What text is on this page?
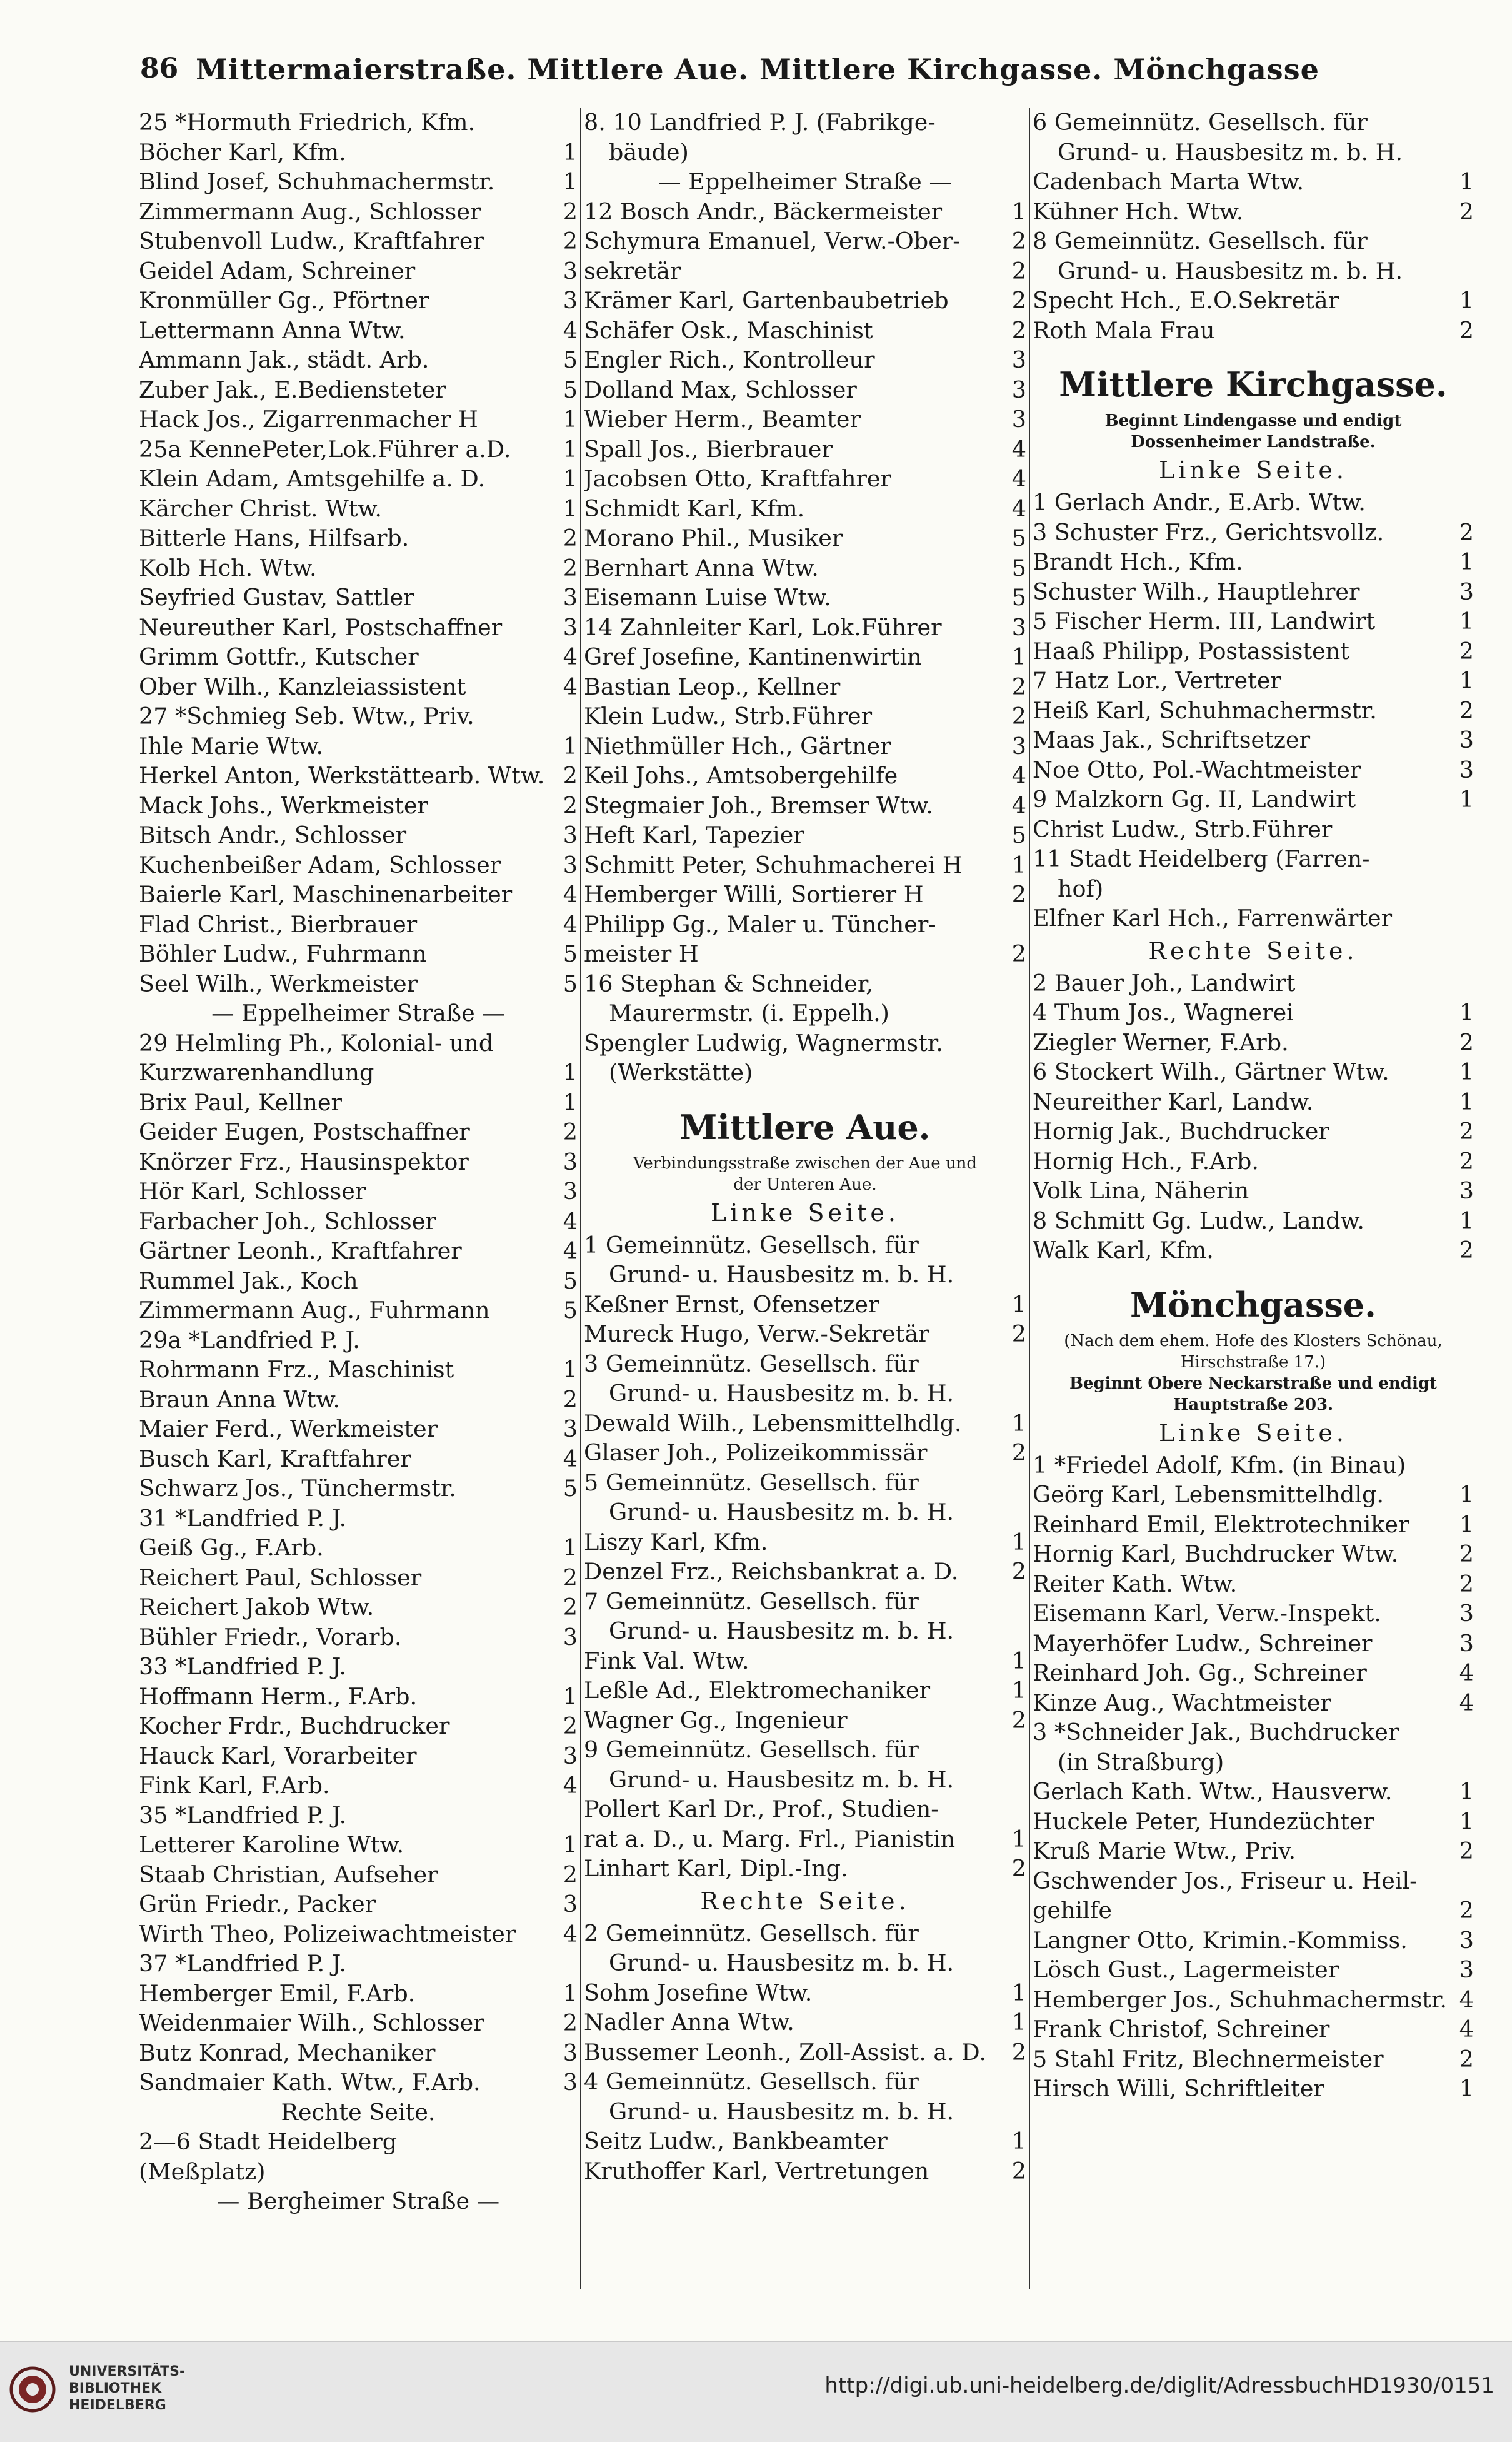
86 Mittermaierstraße. Mittlere Aue. Mittlere Kirchgasse. Mönchgasse
25 *Hormuth Friedrich, Kfm.
Böcher Karl, Kfm.	1
Blind Josef, Schuhmachermstr.	1
Zimmermann Aug., Schlosser	2
Stubenvoll Ludw., Kraftfahrer	2
Geidel Adam, Schreiner	3
Kronmüller Gg., Pförtner	3
Lettermann Anna Wtw.	4
Ammann Jak., städt. Arb.	5
Zuber Jak., E.Bediensteter	5
Hack Jos., Zigarrenmacher H	1
25a KennePeter,Lok.Führer a.D. 1
Klein Adam, Amtsgehilfe a. D.	1
Kärcher Christ. Wtw.	1
Bitterle Hans, Hilfsarb.	2
Kolb Hch. Wtw.	2
Seyfried Gustav, Sattler	3
Neureuther Karl, Postschaffner	3
Grimm Gottfr., Kutscher	4
Ober Wilh., Kanzleiassistent	4
27 *Schmieg Seb. Wtw., Priv.
Ihle Marie Wtw.	1
Herkel Anton, Werkstättearb. Wtw. 2
Mack Johs., Werkmeister	2
Bitsch Andr., Schlosser	3
Kuchenbeißer Adam, Schlosser	3
Baierle Karl, Maschinenarbeiter 4
Flad Christ., Bierbrauer	4
Böhler Ludw., Fuhrmann	5
Seel Wilh., Werkmeister	5
— Eppelheimer Straße —
29 Helmling Ph., Kolonial- und
Kurzwarenhandlung	1
Brix Paul, Kellner	1
Geider Eugen, Postschaffner	2
Knörzer Frz., Hausinspektor	3
Hör Karl, Schlosser	3
Farbacher Joh., Schlosser	4
Gärtner Leonh., Kraftfahrer	4
Rummel Jak., Koch	5
Zimmermann Aug., Fuhrmann	5
29a *Landfried P. J.
Rohrmann Frz., Maschinist	1
Braun Anna Wtw.	2
Maier Ferd., Werkmeister	3
Busch Karl, Kraftfahrer	4
Schwarz Jos., Tünchermstr.	5
31 *Landfried P. J.
Geiß Gg., F.Arb.	1
Reichert Paul, Schlosser	2
Reichert Jakob Wtw.	2
Bühler Friedr., Vorarb.	3
33 *Landfried P. J.
Hoffmann Herm., F.Arb.	1
Kocher Frdr., Buchdrucker	2
Hauck Karl, Vorarbeiter	3
Fink Karl, F.Arb.	4
35 *Landfried P. J.
Letterer Karoline Wtw.	1
Staab Christian, Aufseher	2
Grün Friedr., Packer	3
Wirth Theo, Polizeiwachtmeister 4
37 *Landfried P. J.
Hemberger Emil, F.Arb.	1
Weidenmaier Wilh., Schlosser	2
Butz Konrad, Mechaniker	3
Sandmaier Kath. Wtw., F.Arb.	3
Rechte Seite.
2—6 Stadt Heidelberg
(Meßplatz)
— Bergheimer Straße —
8. 10 Landfried P. J. (Fabrikge-
bäude)
— Eppelheimer Straße —
12 Bosch Andr., Bäckermeister	1
Schymura Emanuel, Verw.-Ober- 2
sekretär	2
Krämer Karl, Gartenbaubetrieb	2
Schäfer Osk., Maschinist	2
Engler Rich., Kontrolleur	3
Dolland Max, Schlosser	3
Wieber Herm., Beamter	3
Spall Jos., Bierbrauer	4
Jacobsen Otto, Kraftfahrer	4
Schmidt Karl, Kfm.	4
Morano Phil., Musiker	5
Bernhart Anna Wtw.	5
Eisemann Luise Wtw.	5
14 Zahnleiter Karl, Lok.Führer	3
Gref Josefine, Kantinenwirtin	1
Bastian Leop., Kellner	2
Klein Ludw., Strb.Führer	2
Niethmüller Hch., Gärtner	3
Keil Johs., Amtsobergehilfe	4
Stegmaier Joh., Bremser Wtw.	4
Heft Karl, Tapezier	5
Schmitt Peter, Schuhmacherei H 1
Hemberger Willi, Sortierer H	2
Philipp Gg., Maler u. Tüncher-
meister H	2
16 Stephan & Schneider,
Maurermstr. (i. Eppelh.)
Spengler Ludwig, Wagnermstr.
(Werkstätte)
Mittlere Aue.
Verbindungsstraße zwischen der Aue und
der Unteren Aue.
Linke Seite.
1 Gemeinnütz. Gesellsch. für
Grund- u. Hausbesitz m. b. H.
Keßner Ernst, Ofensetzer	1
Mureck Hugo, Verw.-Sekretär	2
3 Gemeinnütz. Gesellsch. für
Grund- u. Hausbesitz m. b. H.
Dewald Wilh., Lebensmittelhdlg. 1
Glaser Joh., Polizeikommissär	2
5 Gemeinnütz. Gesellsch. für
Grund- u. Hausbesitz m. b. H.
Liszy Karl, Kfm.	1
Denzel Frz., Reichsbankrat a. D. 2
7 Gemeinnütz. Gesellsch. für
Grund- u. Hausbesitz m. b. H.
Fink Val. Wtw.	1
Leßle Ad., Elektromechaniker	1
Wagner Gg., Ingenieur	2
9 Gemeinnütz. Gesellsch. für
Grund- u. Hausbesitz m. b. H.
Pollert Karl Dr., Prof., Studien-
rat a. D., u. Marg. Frl., Pianistin 1
Linhart Karl, Dipl.-Ing.	2
Rechte Seite.
2 Gemeinnütz. Gesellsch. für
Grund- u. Hausbesitz m. b. H.
Sohm Josefine Wtw.	1
Nadler Anna Wtw.	1
Bussemer Leonh., Zoll-Assist. a. D. 2
4 Gemeinnütz. Gesellsch. für
Grund- u. Hausbesitz m. b. H.
Seitz Ludw., Bankbeamter	1
Kruthoffer Karl, Vertretungen	2
6 Gemeinnütz. Gesellsch. für
Grund- u. Hausbesitz m. b. H.
Cadenbach Marta Wtw.	1
Kühner Hch. Wtw.	2
8 Gemeinnütz. Gesellsch. für
Grund- u. Hausbesitz m. b. H.
Specht Hch., E.O.Sekretär	1
Roth Mala Frau	2
Mittlere Kirchgasse.
Beginnt Lindengasse und endigt
Dossenheimer Landstraße.
Linke Seite.
1 Gerlach Andr., E.Arb. Wtw.
3 Schuster Frz., Gerichtsvollz.	2
Brandt Hch., Kfm.	1
Schuster Wilh., Hauptlehrer	3
5 Fischer Herm. III, Landwirt	1
Haaß Philipp, Postassistent	2
7 Hatz Lor., Vertreter	1
Heiß Karl, Schuhmachermstr.	2
Maas Jak., Schriftsetzer	3
Noe Otto, Pol.-Wachtmeister	3
9 Malzkorn Gg. II, Landwirt	1
Christ Ludw., Strb.Führer
11 Stadt Heidelberg (Farren-
hof)
Elfner Karl Hch., Farrenwärter
Rechte Seite.
2 Bauer Joh., Landwirt
4 Thum Jos., Wagnerei	1
Ziegler Werner, F.Arb.	2
6 Stockert Wilh., Gärtner Wtw.	1
Neureither Karl, Landw.	1
Hornig Jak., Buchdrucker	2
Hornig Hch., F.Arb.	2
Volk Lina, Näherin	3
8 Schmitt Gg. Ludw., Landw.	1
Walk Karl, Kfm.	2
Mönchgasse.
(Nach dem ehem. Hofe des Klosters Schönau,
Hirschstraße 17.)
Beginnt Obere Neckarstraße und endigt
Hauptstraße 203.
Linke Seite.
1 *Friedel Adolf, Kfm. (in Binau)
Geörg Karl, Lebensmittelhdlg.	1
Reinhard Emil, Elektrotechniker 1
Hornig Karl, Buchdrucker Wtw.	2
Reiter Kath. Wtw.	2
Eisemann Karl, Verw.-Inspekt.	3
Mayerhöfer Ludw., Schreiner	3
Reinhard Joh. Gg., Schreiner	4
Kinze Aug., Wachtmeister	4
3 *Schneider Jak., Buchdrucker
(in Straßburg)
Gerlach Kath. Wtw., Hausverw.	1
Huckele Peter, Hundezüchter	1
Kruß Marie Wtw., Priv.	2
Gschwender Jos., Friseur u. Heil-
gehilfe	2
Langner Otto, Krimin.-Kommiss. 3
Lösch Gust., Lagermeister	3
Hemberger Jos., Schuhmachermstr. 4
Frank Christof, Schreiner	4
5 Stahl Fritz, Blechnermeister	2
Hirsch Willi, Schriftleiter	1
UNIVERSITÄTS-
BIBLIOTHEK
HEIDELBERG
http://digi.ub.uni-heidelberg.de/diglit/AdressbuchHD1930/0151
